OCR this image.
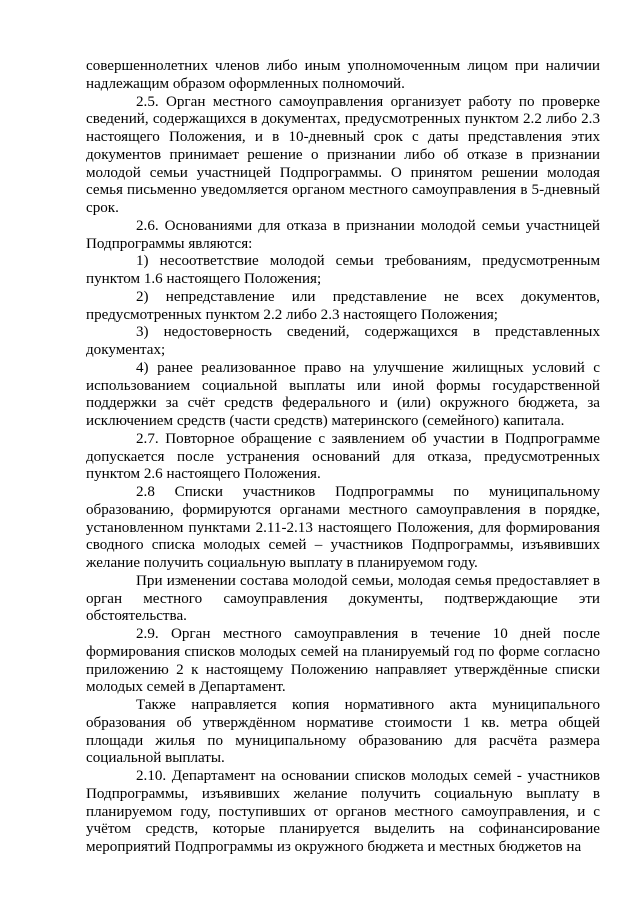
совершеннолетних членов либо иным уполномоченным лицом при наличии надлежащим образом оформленных полномочий.

2.5. Орган местного самоуправления организует работу по проверке сведений, содержащихся в документах, предусмотренных пунктом 2.2 либо 2.3 настоящего Положения, и в 10-дневный срок с даты представления этих документов принимает решение о признании либо об отказе в признании молодой семьи участницей Подпрограммы. О принятом решении молодая семья письменно уведомляется органом местного самоуправления в 5-дневный срок.

2.6. Основаниями для отказа в признании молодой семьи участницей Подпрограммы являются:

1) несоответствие молодой семьи требованиям, предусмотренным пунктом 1.6 настоящего Положения;

2) непредставление или представление не всех документов, предусмотренных пунктом 2.2 либо 2.3 настоящего Положения;

3) недостоверность сведений, содержащихся в представленных документах;

4) ранее реализованное право на улучшение жилищных условий с использованием социальной выплаты или иной формы государственной поддержки за счёт средств федерального и (или) окружного бюджета, за исключением средств (части средств) материнского (семейного) капитала.

2.7. Повторное обращение с заявлением об участии в Подпрограмме допускается после устранения оснований для отказа, предусмотренных пунктом 2.6 настоящего Положения.

2.8 Списки участников Подпрограммы по муниципальному образованию, формируются органами местного самоуправления в порядке, установленном пунктами 2.11-2.13 настоящего Положения, для формирования сводного списка молодых семей – участников Подпрограммы, изъявивших желание получить социальную выплату в планируемом году.

При изменении состава молодой семьи, молодая семья предоставляет в орган местного самоуправления документы, подтверждающие эти обстоятельства.

2.9. Орган местного самоуправления в течение 10 дней после формирования списков молодых семей на планируемый год по форме согласно приложению 2 к настоящему Положению направляет утверждённые списки молодых семей в Департамент.

Также направляется копия нормативного акта муниципального образования об утверждённом нормативе стоимости 1 кв. метра общей площади жилья по муниципальному образованию для расчёта размера социальной выплаты.

2.10. Департамент на основании списков молодых семей - участников Подпрограммы, изъявивших желание получить социальную выплату в планируемом году, поступивших от органов местного самоуправления, и с учётом средств, которые планируется выделить на софинансирование мероприятий Подпрограммы из окружного бюджета и местных бюджетов на
